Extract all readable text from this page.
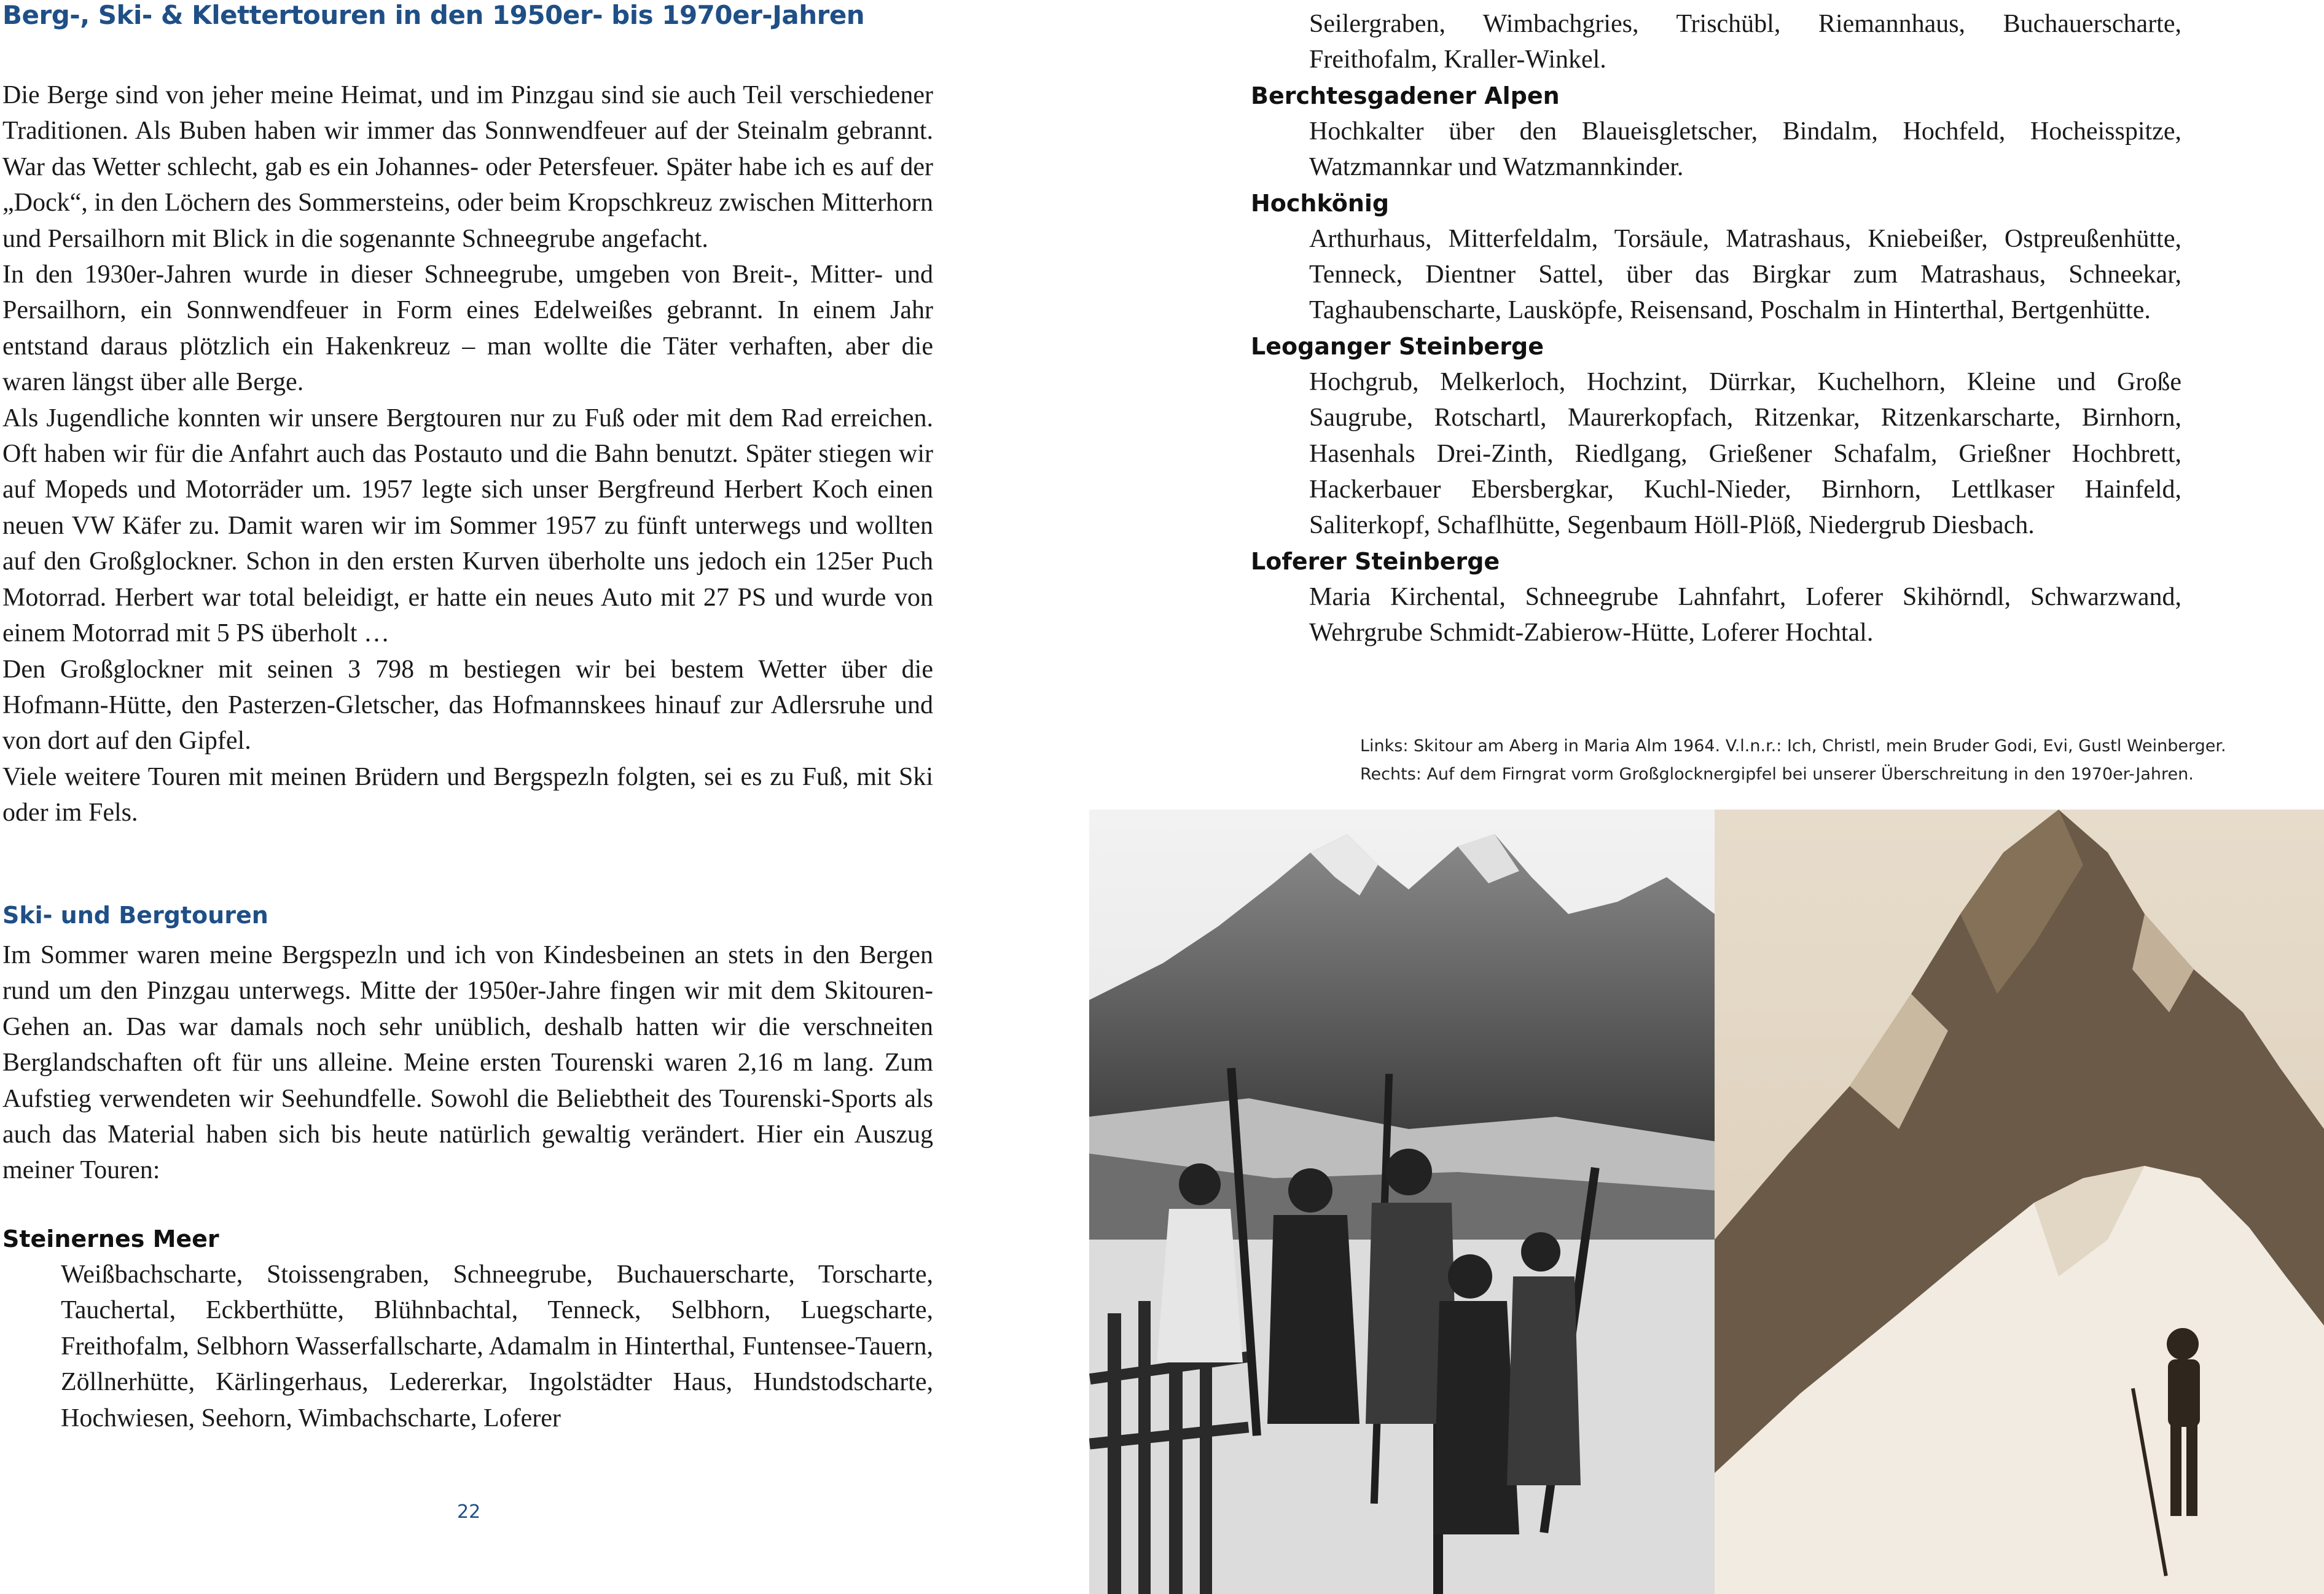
Berg-, Ski- & Klettertouren in den 1950er- bis 1970er-Jahren

Die Berge sind von jeher meine Heimat, und im Pinzgau sind sie auch Teil verschiedener Traditionen. Als Buben haben wir immer das Sonnwendfeuer auf der Steinalm gebrannt. War das Wetter schlecht, gab es ein Johannes- oder Petersfeuer. Später habe ich es auf der „Dock“, in den Löchern des Sommersteins, oder beim Kropschkreuz zwischen Mitterhorn und Persailhorn mit Blick in die sogenannte Schneegrube angefacht.

In den 1930er-Jahren wurde in dieser Schneegrube, umgeben von Breit-, Mitter- und Persailhorn, ein Sonnwendfeuer in Form eines Edelweißes gebrannt. In einem Jahr entstand daraus plötzlich ein Hakenkreuz – man wollte die Täter verhaften, aber die waren längst über alle Berge.

Als Jugendliche konnten wir unsere Bergtouren nur zu Fuß oder mit dem Rad erreichen. Oft haben wir für die Anfahrt auch das Postauto und die Bahn benutzt. Später stiegen wir auf Mopeds und Motorräder um. 1957 legte sich unser Bergfreund Herbert Koch einen neuen VW Käfer zu. Damit waren wir im Sommer 1957 zu fünft unterwegs und wollten auf den Großglockner. Schon in den ersten Kurven überholte uns jedoch ein 125er Puch Motorrad. Herbert war total beleidigt, er hatte ein neues Auto mit 27 PS und wurde von einem Motorrad mit 5 PS überholt …

Den Großglockner mit seinen 3 798 m bestiegen wir bei bestem Wetter über die Hofmann-Hütte, den Pasterzen-Gletscher, das Hofmannskees hinauf zur Adlersruhe und von dort auf den Gipfel.

Viele weitere Touren mit meinen Brüdern und Bergspezln folgten, sei es zu Fuß, mit Ski oder im Fels.

Ski- und Bergtouren

Im Sommer waren meine Bergspezln und ich von Kindesbeinen an stets in den Bergen rund um den Pinzgau unterwegs. Mitte der 1950er-Jahre fingen wir mit dem Skitouren-Gehen an. Das war damals noch sehr unüblich, deshalb hatten wir die verschneiten Berglandschaften oft für uns alleine. Meine ersten Tourenski waren 2,16 m lang. Zum Aufstieg verwendeten wir Seehundfelle. Sowohl die Beliebtheit des Tourenski-Sports als auch das Material haben sich bis heute natürlich gewaltig verändert. Hier ein Auszug meiner Touren:

Steinernes Meer

Weißbachscharte, Stoissengraben, Schneegrube, Buchauerscharte, Torscharte, Tauchertal, Eckberthütte, Blühnbachtal, Tenneck, Selbhorn, Luegscharte, Freithofalm, Selbhorn Wasserfallscharte, Adamalm in Hinterthal, Funtensee-Tauern, Zöllnerhütte, Kärlingerhaus, Ledererkar, Ingolstädter Haus, Hundstodscharte, Hochwiesen, Seehorn, Wimbachscharte, Loferer

22

Seilergraben, Wimbachgries, Trischübl, Riemannhaus, Buchauerscharte, Freithofalm, Kraller-Winkel.

Berchtesgadener Alpen

Hochkalter über den Blaueisgletscher, Bindalm, Hochfeld, Hocheisspitze, Watzmannkar und Watzmannkinder.

Hochkönig

Arthurhaus, Mitterfeldalm, Torsäule, Matrashaus, Kniebeißer, Ostpreußenhütte, Tenneck, Dientner Sattel, über das Birgkar zum Matrashaus, Schneekar, Taghaubenscharte, Lausköpfe, Reisensand, Poschalm in Hinterthal, Bertgenhütte.

Leoganger Steinberge

Hochgrub, Melkerloch, Hochzint, Dürrkar, Kuchelhorn, Kleine und Große Saugrube, Rotschartl, Maurerkopfach, Ritzenkar, Ritzenkarscharte, Birnhorn, Hasenhals Drei-Zinth, Riedlgang, Grießener Schafalm, Grießner Hochbrett, Hackerbauer Ebersbergkar, Kuchl-Nieder, Birnhorn, Lettlkaser Hainfeld, Saliterkopf, Schaflhütte, Segenbaum Höll-Plöß, Niedergrub Diesbach.

Loferer Steinberge

Maria Kirchental, Schneegrube Lahnfahrt, Loferer Skihörndl, Schwarzwand, Wehrgrube Schmidt-Zabierow-Hütte, Loferer Hochtal.

Links: Skitour am Aberg in Maria Alm 1964. V.l.n.r.: Ich, Christl, mein Bruder Godi, Evi, Gustl Weinberger.
Rechts: Auf dem Firngrat vorm Großglocknergipfel bei unserer Überschreitung in den 1970er-Jahren.
